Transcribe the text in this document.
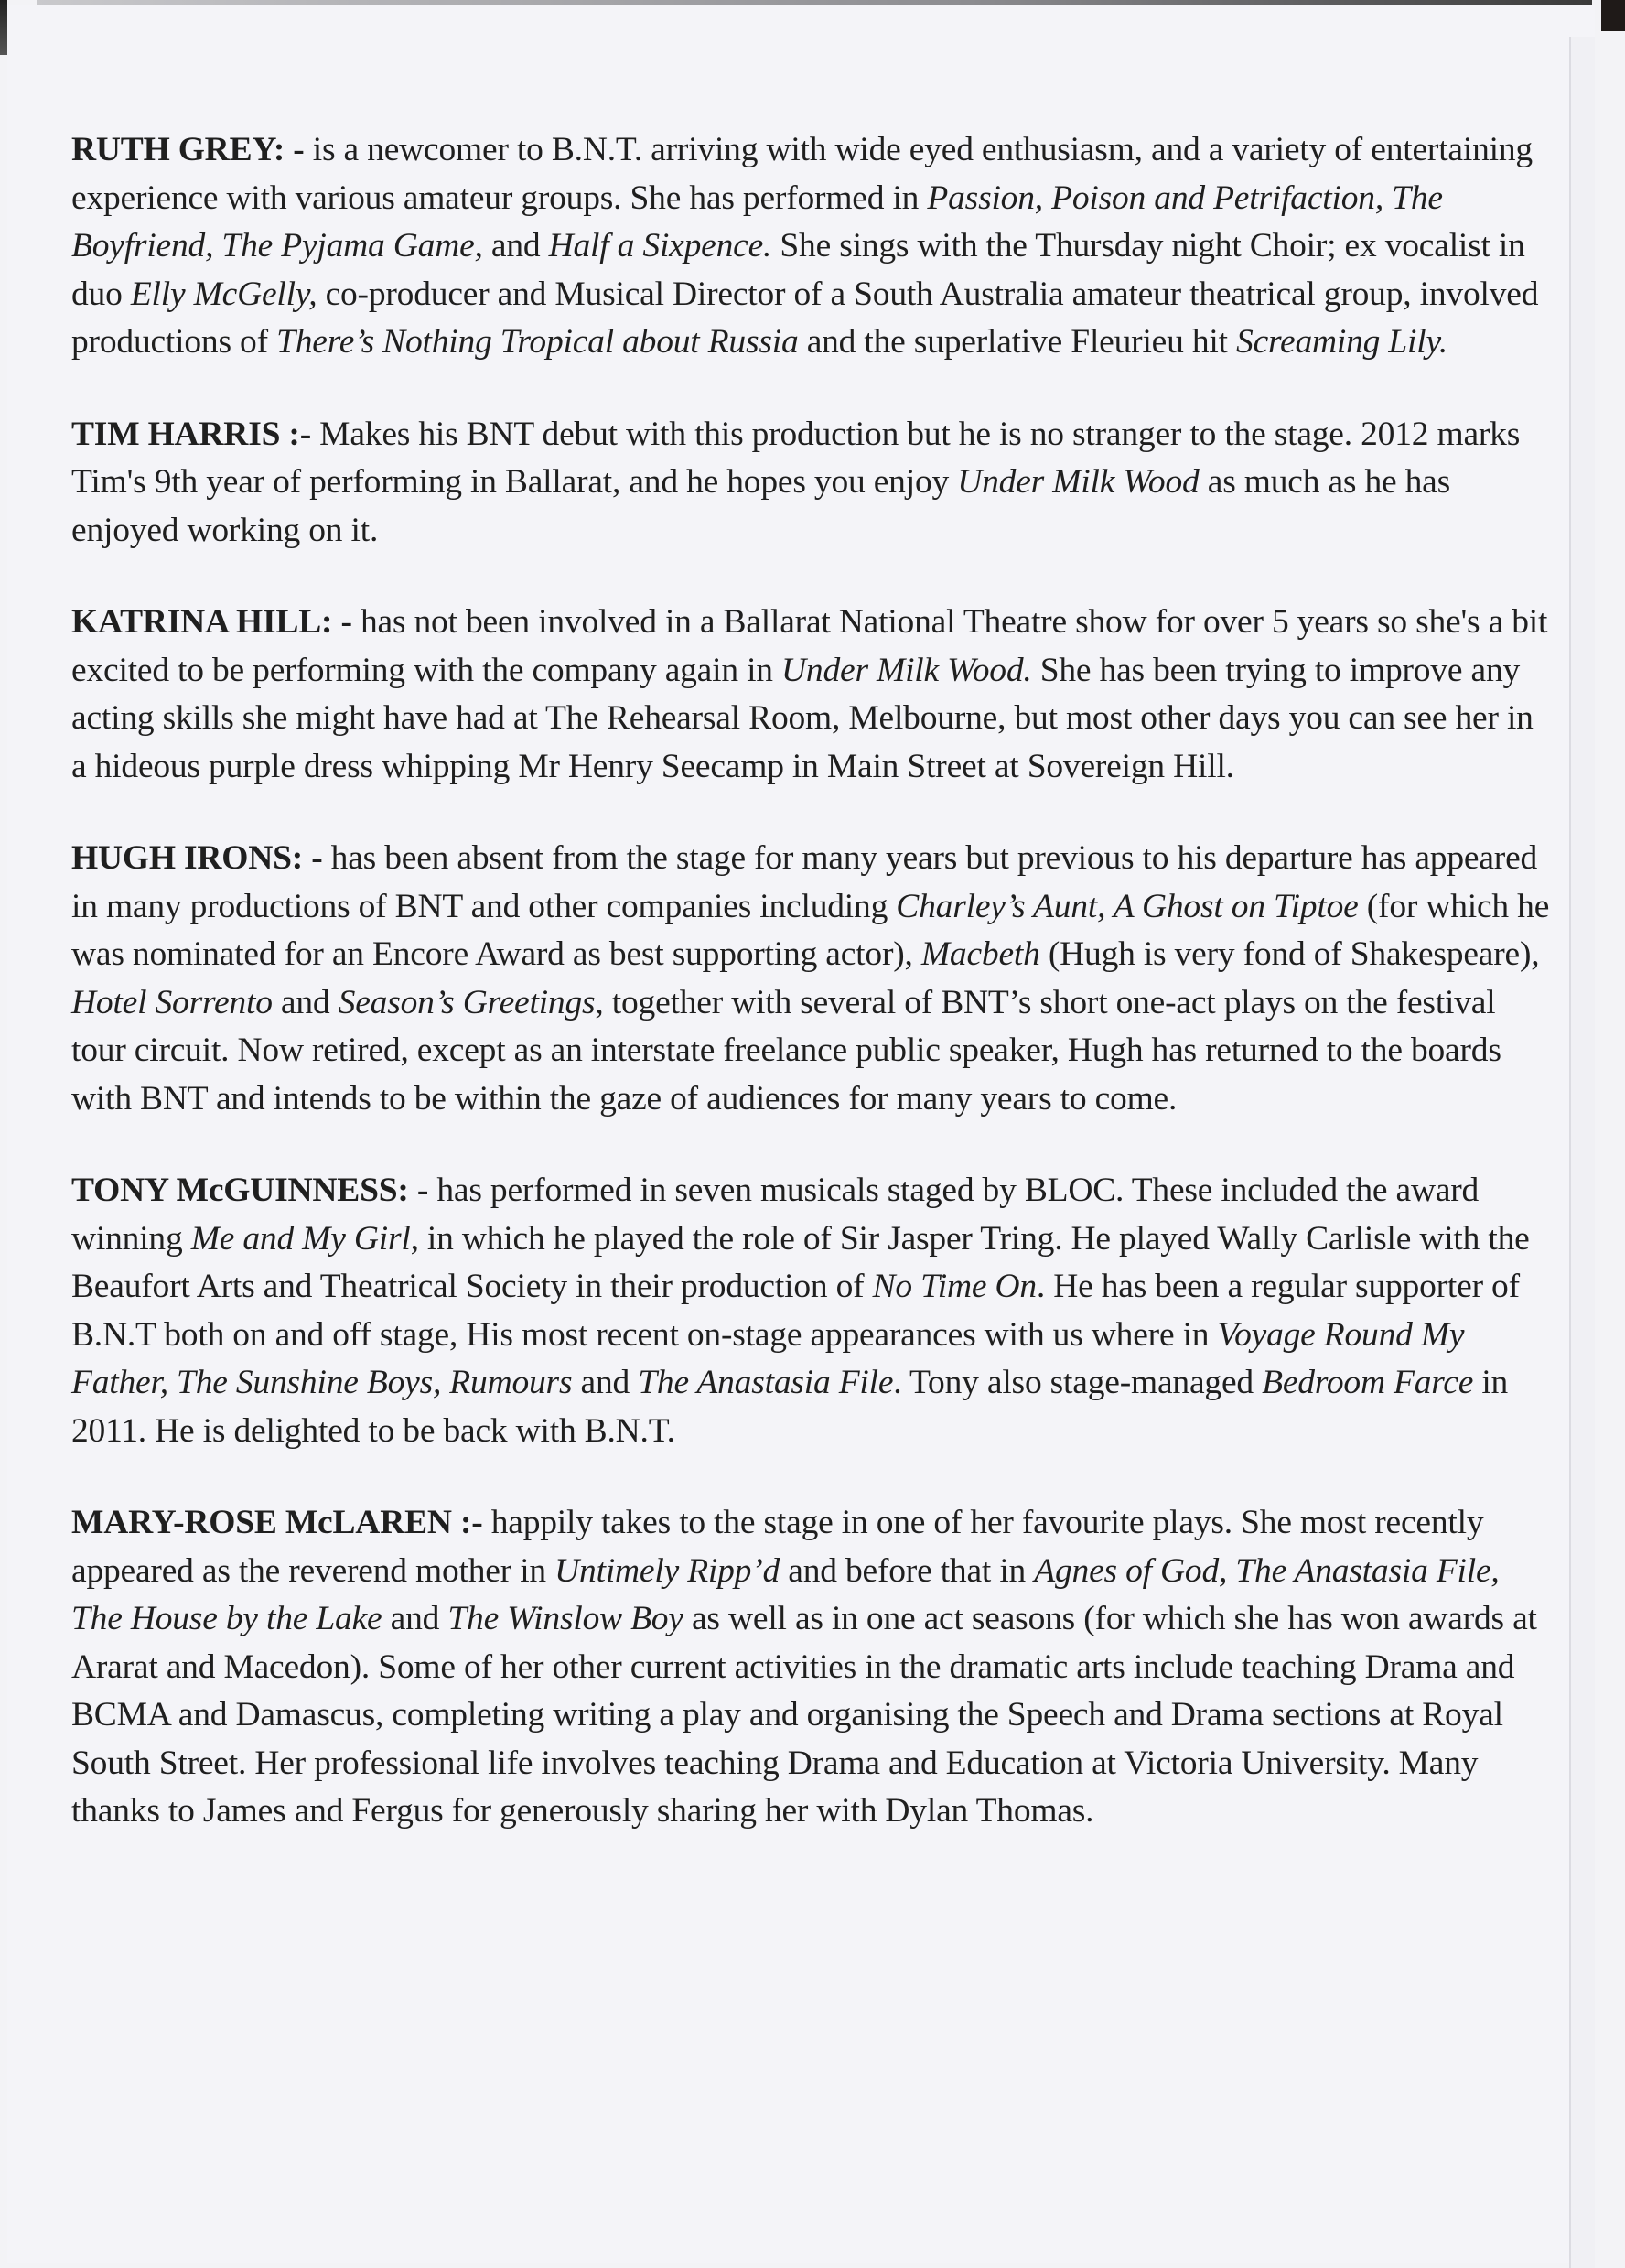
RUTH GREY: - is a newcomer to B.N.T. arriving with wide eyed enthusiasm, and a variety of entertaining experience with various amateur groups. She has performed in Passion, Poison and Petrifaction, The Boyfriend, The Pyjama Game, and Half a Sixpence. She sings with the Thursday night Choir; ex vocalist in duo Elly McGelly, co-producer and Musical Director of a South Australia amateur theatrical group, involved productions of There’s Nothing Tropical about Russia and the superlative Fleurieu hit Screaming Lily.

TIM HARRIS :- Makes his BNT debut with this production but he is no stranger to the stage. 2012 marks Tim's 9th year of performing in Ballarat, and he hopes you enjoy Under Milk Wood as much as he has enjoyed working on it.

KATRINA HILL: - has not been involved in a Ballarat National Theatre show for over 5 years so she's a bit excited to be performing with the company again in Under Milk Wood. She has been trying to improve any acting skills she might have had at The Rehearsal Room, Melbourne, but most other days you can see her in a hideous purple dress whipping Mr Henry Seecamp in Main Street at Sovereign Hill.

HUGH IRONS: - has been absent from the stage for many years but previous to his departure has appeared in many productions of BNT and other companies including Charley’s Aunt, A Ghost on Tiptoe (for which he was nominated for an Encore Award as best supporting actor), Macbeth (Hugh is very fond of Shakespeare), Hotel Sorrento and Season’s Greetings, together with several of BNT’s short one-act plays on the festival tour circuit. Now retired, except as an interstate freelance public speaker, Hugh has returned to the boards with BNT and intends to be within the gaze of audiences for many years to come.

TONY McGUINNESS: - has performed in seven musicals staged by BLOC. These included the award winning Me and My Girl, in which he played the role of Sir Jasper Tring. He played Wally Carlisle with the Beaufort Arts and Theatrical Society in their production of No Time On. He has been a regular supporter of B.N.T both on and off stage, His most recent on-stage appearances with us where in Voyage Round My Father, The Sunshine Boys, Rumours and The Anastasia File. Tony also stage-managed Bedroom Farce in 2011. He is delighted to be back with B.N.T.

MARY-ROSE McLAREN :- happily takes to the stage in one of her favourite plays. She most recently appeared as the reverend mother in Untimely Ripp’d and before that in Agnes of God, The Anastasia File, The House by the Lake and The Winslow Boy as well as in one act seasons (for which she has won awards at Ararat and Macedon). Some of her other current activities in the dramatic arts include teaching Drama and BCMA and Damascus, completing writing a play and organising the Speech and Drama sections at Royal South Street. Her professional life involves teaching Drama and Education at Victoria University. Many thanks to James and Fergus for generously sharing her with Dylan Thomas.
